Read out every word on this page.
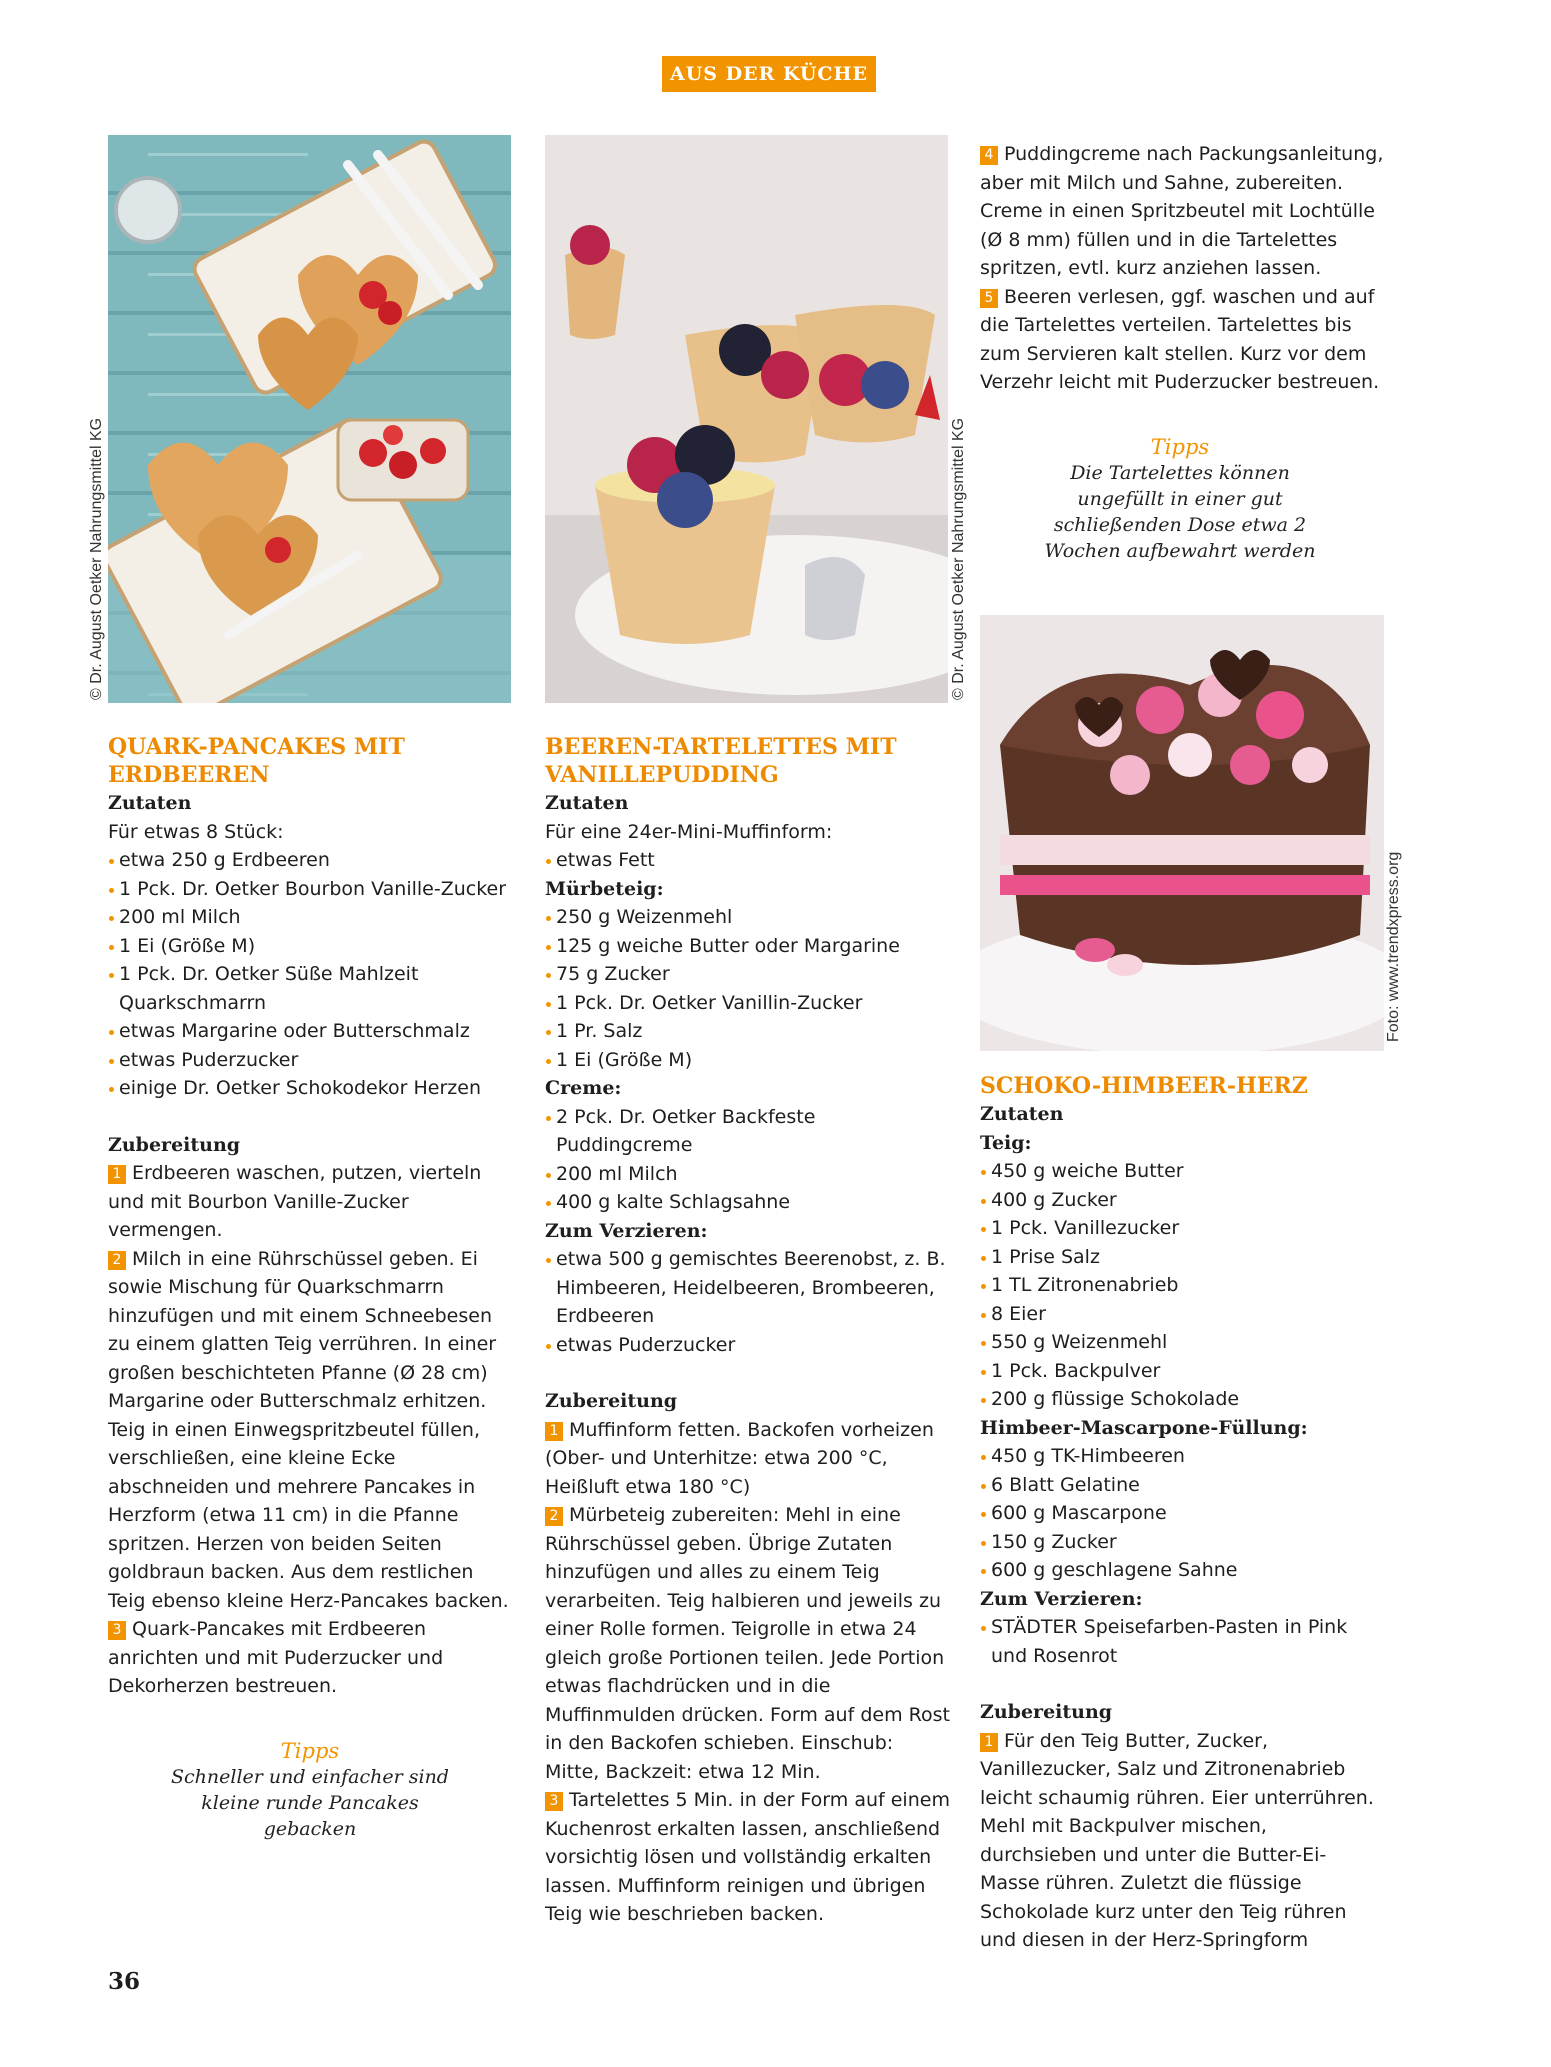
AUS DER KÜCHE
© Dr. August Oetker Nahrungsmittel KG	© Dr. August Oetker Nahrungsmittel KG
Foto: www.trendxpress.org
QUARK-PANCAKES MIT ERDBEEREN

Zutaten

Für etwas 8 Stück:

etwa 250 g Erdbeeren
1 Pck. Dr. Oetker Bourbon Vanille-Zucker
200 ml Milch
1 Ei (Größe M)
1 Pck. Dr. Oetker Süße Mahlzeit Quarkschmarrn
etwas Margarine oder Butterschmalz
etwas Puderzucker
einige Dr. Oetker Schokodekor Herzen

Zubereitung

1 Erdbeeren waschen, putzen, vierteln und mit Bourbon Vanille-Zucker vermengen.

2 Milch in eine Rührschüssel geben. Ei sowie Mischung für Quarkschmarrn hinzufügen und mit einem Schneebesen zu einem glatten Teig verrühren. In einer großen beschichteten Pfanne (Ø 28 cm) Margarine oder Butterschmalz erhitzen. Teig in einen Einwegspritzbeutel füllen, verschließen, eine kleine Ecke abschneiden und mehrere Pancakes in Herzform (etwa 11 cm) in die Pfanne spritzen. Herzen von beiden Seiten goldbraun backen. Aus dem restlichen Teig ebenso kleine Herz-Pancakes backen.

3 Quark-Pancakes mit Erdbeeren anrichten und mit Puderzucker und Dekorherzen bestreuen.

Tipps
Schneller und einfacher sind kleine runde Pancakes gebacken
BEEREN-TARTELETTES MIT VANILLEPUDDING

Zutaten

Für eine 24er-Mini-Muffinform:

etwas Fett

Mürbeteig:

250 g Weizenmehl
125 g weiche Butter oder Margarine
75 g Zucker
1 Pck. Dr. Oetker Vanillin-Zucker
1 Pr. Salz
1 Ei (Größe M)

Creme:

2 Pck. Dr. Oetker Backfeste Puddingcreme
200 ml Milch
400 g kalte Schlagsahne

Zum Verzieren:

etwa 500 g gemischtes Beerenobst, z. B. Himbeeren, Heidelbeeren, Brombeeren, Erdbeeren
etwas Puderzucker

Zubereitung

1 Muffinform fetten. Backofen vorheizen (Ober- und Unterhitze: etwa 200 °C, Heißluft etwa 180 °C)

2 Mürbeteig zubereiten: Mehl in eine Rührschüssel geben. Übrige Zutaten hinzufügen und alles zu einem Teig verarbeiten. Teig halbieren und jeweils zu einer Rolle formen. Teigrolle in etwa 24 gleich große Portionen teilen. Jede Portion etwas flachdrücken und in die Muffinmulden drücken. Form auf dem Rost in den Backofen schieben. Einschub: Mitte, Backzeit: etwa 12 Min.

3 Tartelettes 5 Min. in der Form auf einem Kuchenrost erkalten lassen, anschließend vorsichtig lösen und vollständig erkalten lassen. Muffinform reinigen und übrigen Teig wie beschrieben backen.

4 Puddingcreme nach Packungsanleitung, aber mit Milch und Sahne, zubereiten. Creme in einen Spritzbeutel mit Lochtülle (Ø 8 mm) füllen und in die Tartelettes spritzen, evtl. kurz anziehen lassen.

5 Beeren verlesen, ggf. waschen und auf die Tartelettes verteilen. Tartelettes bis zum Servieren kalt stellen. Kurz vor dem Verzehr leicht mit Puderzucker bestreuen.

Tipps
Die Tartelettes können ungefüllt in einer gut schließenden Dose etwa 2 Wochen aufbewahrt werden
SCHOKO-HIMBEER-HERZ

Zutaten

Teig:

450 g weiche Butter
400 g Zucker
1 Pck. Vanillezucker
1 Prise Salz
1 TL Zitronenabrieb
8 Eier
550 g Weizenmehl
1 Pck. Backpulver
200 g flüssige Schokolade

Himbeer-Mascarpone-Füllung:

450 g TK-Himbeeren
6 Blatt Gelatine
600 g Mascarpone
150 g Zucker
600 g geschlagene Sahne

Zum Verzieren:

STÄDTER Speisefarben-Pasten in Pink und Rosenrot

Zubereitung

1 Für den Teig Butter, Zucker, Vanillezucker, Salz und Zitronenabrieb leicht schaumig rühren. Eier unterrühren. Mehl mit Backpulver mischen, durchsieben und unter die Butter-Ei-Masse rühren. Zuletzt die flüssige Schokolade kurz unter den Teig rühren und diesen in der Herz-Springform

36
